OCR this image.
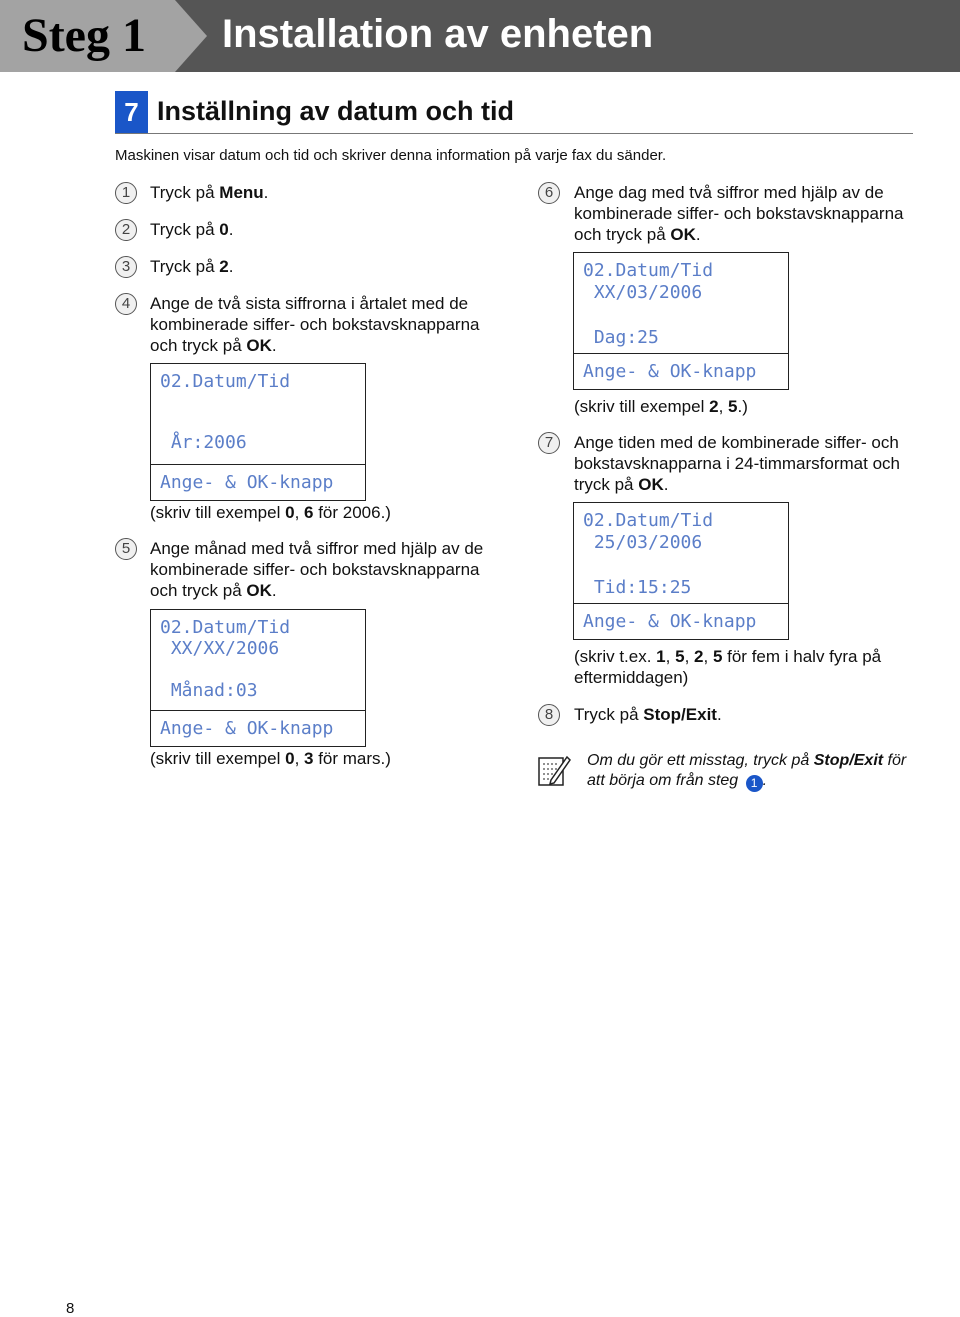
Steg 1 Installation av enheten
7 Inställning av datum och tid
Maskinen visar datum och tid och skriver denna information på varje fax du sänder.
1	Tryck på Menu.
2	Tryck på 0.
3	Tryck på 2.
4	Ange de två sista siffrorna i årtalet med de kombinerade siffer- och bokstavsknapparna och tryck på OK.
02.Datum/Tid
År:2006
Ange- & OK-knapp
(skriv till exempel 0, 6 för 2006.)
5	Ange månad med två siffror med hjälp av de kombinerade siffer- och bokstavsknapparna och tryck på OK.
02.Datum/Tid
XX/XX/2006
Månad:03
Ange- & OK-knapp
(skriv till exempel 0, 3 för mars.)
6	Ange dag med två siffror med hjälp av de kombinerade siffer- och bokstavsknapparna och tryck på OK.
02.Datum/Tid
XX/03/2006
Dag:25
Ange- & OK-knapp
(skriv till exempel 2, 5.)
7	Ange tiden med de kombinerade siffer- och bokstavsknapparna i 24-timmarsformat och tryck på OK.
02.Datum/Tid
25/03/2006
Tid:15:25
Ange- & OK-knapp
(skriv t.ex. 1, 5, 2, 5 för fem i halv fyra på eftermiddagen)
8	Tryck på Stop/Exit.
Om du gör ett misstag, tryck på Stop/Exit för att börja om från steg 1 .
8
